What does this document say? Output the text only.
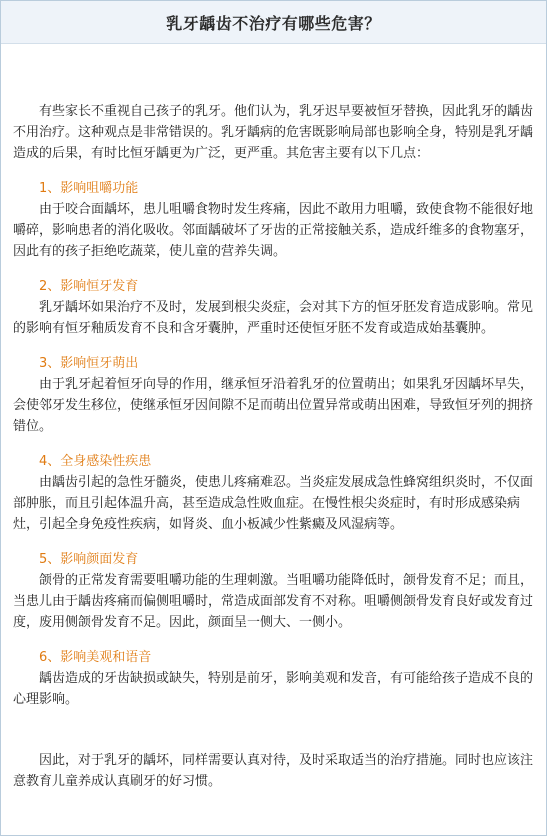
乳牙龋齿不治疗有哪些危害？

有些家长不重视自己孩子的乳牙。他们认为，乳牙迟早要被恒牙替换，因此乳牙的龋齿不用治疗。这种观点是非常错误的。乳牙龋病的危害既影响局部也影响全身，特别是乳牙龋造成的后果，有时比恒牙龋更为广泛，更严重。其危害主要有以下几点：

1、影响咀嚼功能

由于咬合面龋坏，患儿咀嚼食物时发生疼痛，因此不敢用力咀嚼，致使食物不能很好地嚼碎，影响患者的消化吸收。邻面龋破坏了牙齿的正常接触关系，造成纤维多的食物塞牙，　因此有的孩子拒绝吃蔬菜，使儿童的营养失调。

2、影响恒牙发育

乳牙龋坏如果治疗不及时，发展到根尖炎症，会对其下方的恒牙胚发育造成影响。常见的影响有恒牙釉质发育不良和含牙囊肿，严重时还使恒牙胚不发育或造成始基囊肿。

3、影响恒牙萌出

由于乳牙起着恒牙向导的作用，继承恒牙沿着乳牙的位置萌出；如果乳牙因龋坏早失，会使邻牙发生移位，使继承恒牙因间隙不足而萌出位置异常或萌出困难，导致恒牙列的拥挤错位。

4、全身感染性疾患

由龋齿引起的急性牙髓炎，使患儿疼痛难忍。当炎症发展成急性蜂窝组织炎时，不仅面部肿胀，而且引起体温升高，甚至造成急性败血症。在慢性根尖炎症时，有时形成感染病灶，引起全身免疫性疾病，如肾炎、血小板减少性紫癜及风湿病等。

5、影响颜面发育

颌骨的正常发育需要咀嚼功能的生理刺激。当咀嚼功能降低时，颌骨发育不足；而且，当患儿由于龋齿疼痛而偏侧咀嚼时，常造成面部发育不对称。咀嚼侧颌骨发育良好或发育过度，废用侧颌骨发育不足。因此，颜面呈一侧大、一侧小。

6、影响美观和语音

龋齿造成的牙齿缺损或缺失，特别是前牙，影响美观和发音，有可能给孩子造成不良的心理影响。

因此，对于乳牙的龋坏，同样需要认真对待，及时采取适当的治疗措施。同时也应该注意教育儿童养成认真刷牙的好习惯。
